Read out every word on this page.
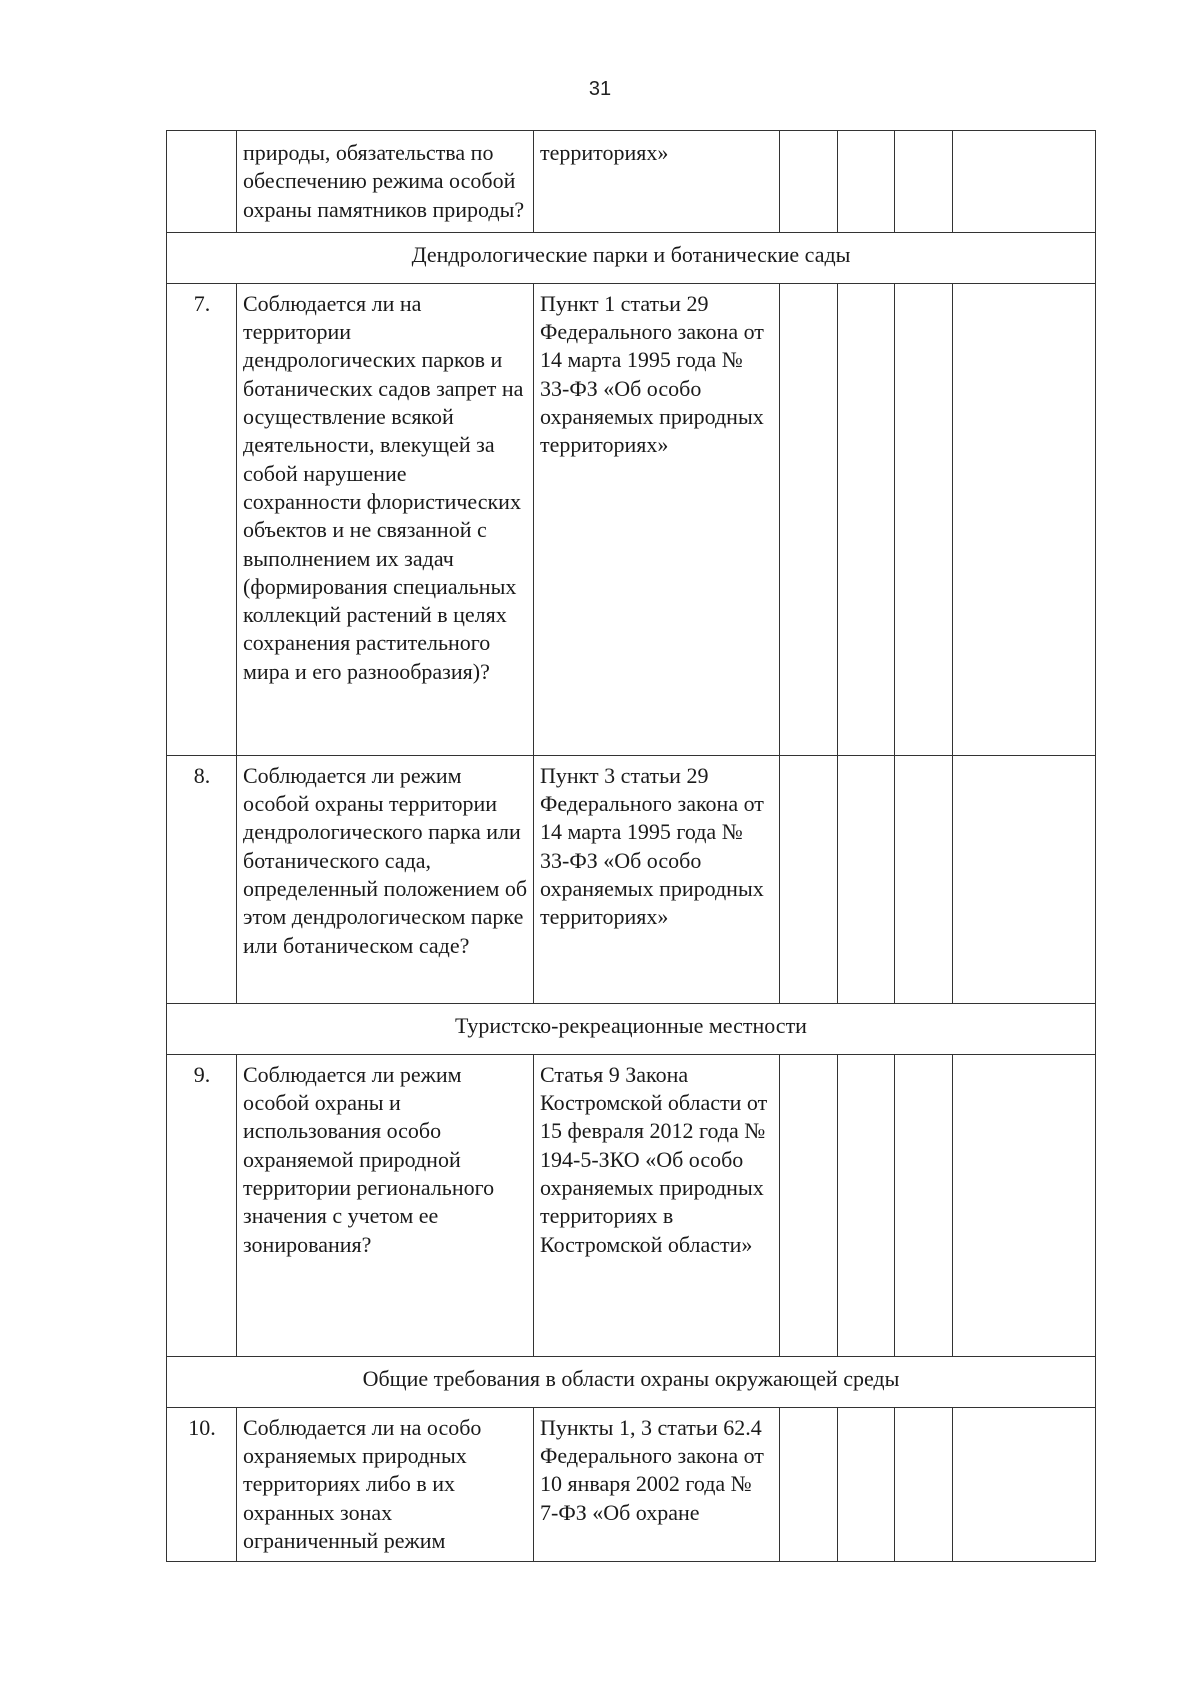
31
	природы, обязательства по обеспечению режима особой охраны памятников природы?	территориях»				
Дендрологические парки и ботанические сады						
7.	Соблюдается ли на территории дендрологических парков и ботанических садов запрет на осуществление всякой деятельности, влекущей за собой нарушение сохранности флористических объектов и не связанной с выполнением их задач (формирования специальных коллекций растений в целях сохранения растительного мира и его разнообразия)?	Пункт 1 статьи 29 Федерального закона от 14 марта 1995 года № 33-ФЗ «Об особо охраняемых природных территориях»				
8.	Соблюдается ли режим особой охраны территории дендрологического парка или ботанического сада, определенный положением об этом дендрологическом парке или ботаническом саде?	Пункт 3 статьи 29 Федерального закона от 14 марта 1995 года № 33-ФЗ «Об особо охраняемых природных территориях»				
Туристско-рекреационные местности						
9.	Соблюдается ли режим особой охраны и использования особо охраняемой природной территории регионального значения с учетом ее зонирования?	Статья 9 Закона Костромской области от 15 февраля 2012 года № 194-5-ЗКО «Об особо охраняемых природных территориях в Костромской области»				
Общие требования в области охраны окружающей среды						
10.	Соблюдается ли на особо охраняемых природных территориях либо в их охранных зонах ограниченный режим	Пункты 1, 3 статьи 62.4 Федерального закона от 10 января 2002 года № 7-ФЗ «Об охране				
